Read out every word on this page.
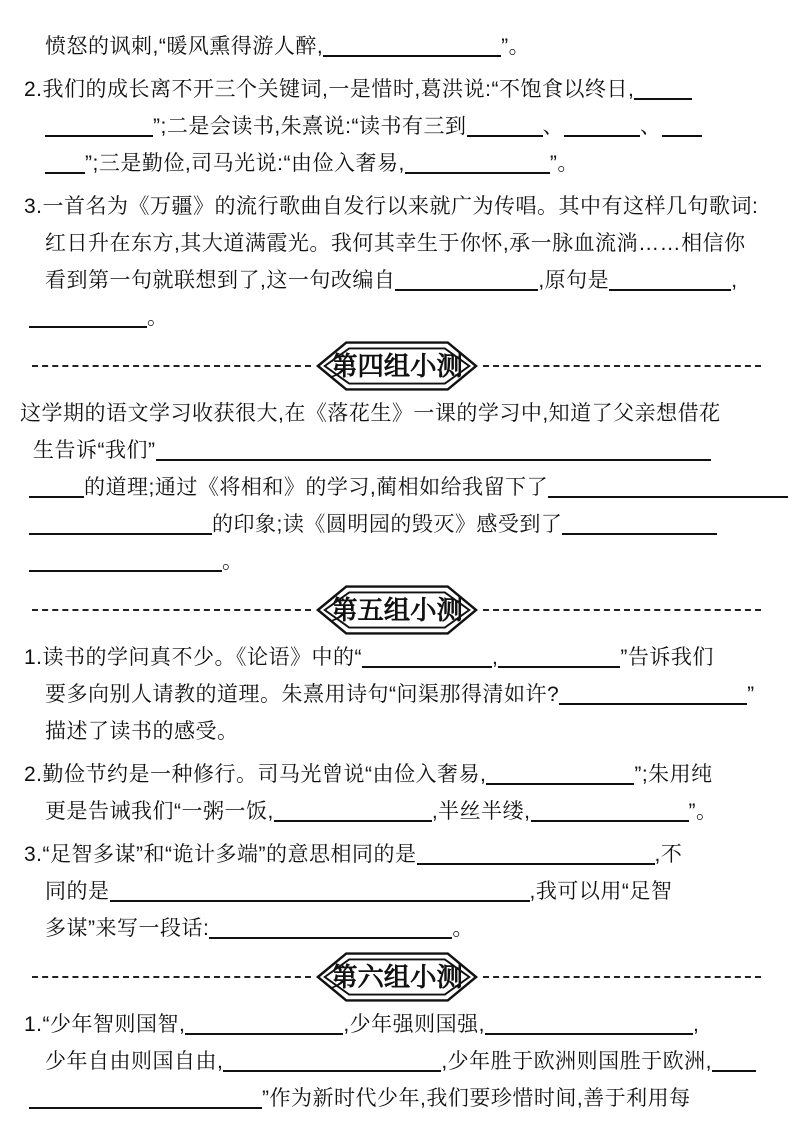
愤怒的讽刺,“暖风熏得游人醉,	”。
2.我们的成长离不开三个关键词,一是惜时,葛洪说:“不饱食以终日,
”;二是会读书,朱熹说:“读书有三到	、	、
”;三是勤俭,司马光说:“由俭入奢易,	”。
3.一首名为《万疆》的流行歌曲自发行以来就广为传唱。其中有这样几句歌词:
红日升在东方,其大道满霞光。我何其幸生于你怀,承一脉血流淌……相信你
看到第一句就联想到了,这一句改编自	,原句是	,
。
第四组小测
这学期的语文学习收获很大,在《落花生》一课的学习中,知道了父亲想借花
生告诉“我们”
的道理;通过《将相和》的学习,蔺相如给我留下了
的印象;读《圆明园的毁灭》感受到了
。
第五组小测
1.读书的学问真不少。《论语》中的“	,	”告诉我们
要多向别人请教的道理。朱熹用诗句“问渠那得清如许?	”
描述了读书的感受。
2.勤俭节约是一种修行。司马光曾说“由俭入奢易,	”;朱用纯
更是告诫我们“一粥一饭,	,半丝半缕,	”。
3.“足智多谋”和“诡计多端”的意思相同的是	,不
同的是	,我可以用“足智
多谋”来写一段话:	。
第六组小测
1.“少年智则国智,	,少年强则国强,	,
少年自由则国自由,	,少年胜于欧洲则国胜于欧洲,
”作为新时代少年,我们要珍惜时间,善于利用每
